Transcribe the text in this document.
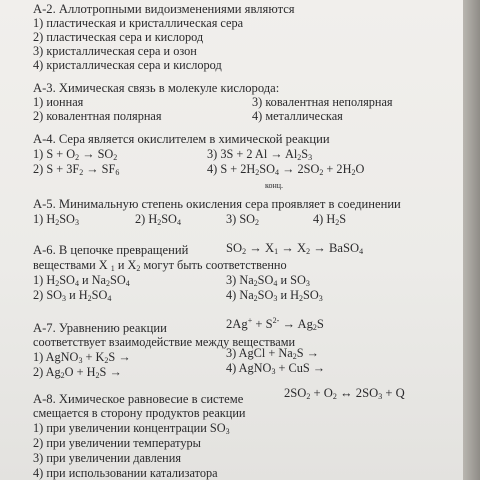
А-2. Аллотропными видоизменениями являются
1) пластическая и кристаллическая сера
2) пластическая сера и кислород
3) кристаллическая сера и озон
4) кристаллическая сера и кислород
А-3. Химическая связь в молекуле кислорода:
1) ионная
2) ковалентная полярная
3) ковалентная неполярная
4) металлическая
А-4. Сера является окислителем в химической реакции
1) $S + O_2 \to SO_2$
2) $S + 3F_2 \to SF_6$
3) 3S + 2 $Al \to Al_2S_3$
4) $S + 2H_2SO_4 \to 2SO_2 + 2H_2O$
конц.
А-5. Минимальную степень окисления сера проявляет в соединении
1) $H_2SO_3$	2) $H_2SO_4$	3) $SO_2$	4) $H_2S$
А-6. В цепочке превращений	$SO_2 \to X_1 \to X_2$ → BaSO$_4$
веществами X $_1$ и $X_2$ могут быть соответственно
1) $H_2SO_4$ и $Na_2SO_4$
2) $SO_3$ и $H_2SO_4$
3) $Na_2SO_4$ и $SO_3$
4) $Na_2SO_3$ и $H_2SO_3$
А-7. Уравнению реакции	$2Ag^+ + S^{2-} \to Ag_2S$
соответствует взаимодействие между веществами
1) AgNO$_3$ + $K_2S$ →
2) $Ag_2O + H_2S$ →
3) AgCl + $Na_2S$ →
4) AgNO$_3$ + CuS →
А-8. Химическое равновесие в системе	$2SO_2 + O_2$ ↔ $2SO_3 + Q$
смещается в сторону продуктов реакции
1) при увеличении концентрации $SO_3$
2) при увеличении температуры
3) при увеличении давления
4) при использовании катализатора
